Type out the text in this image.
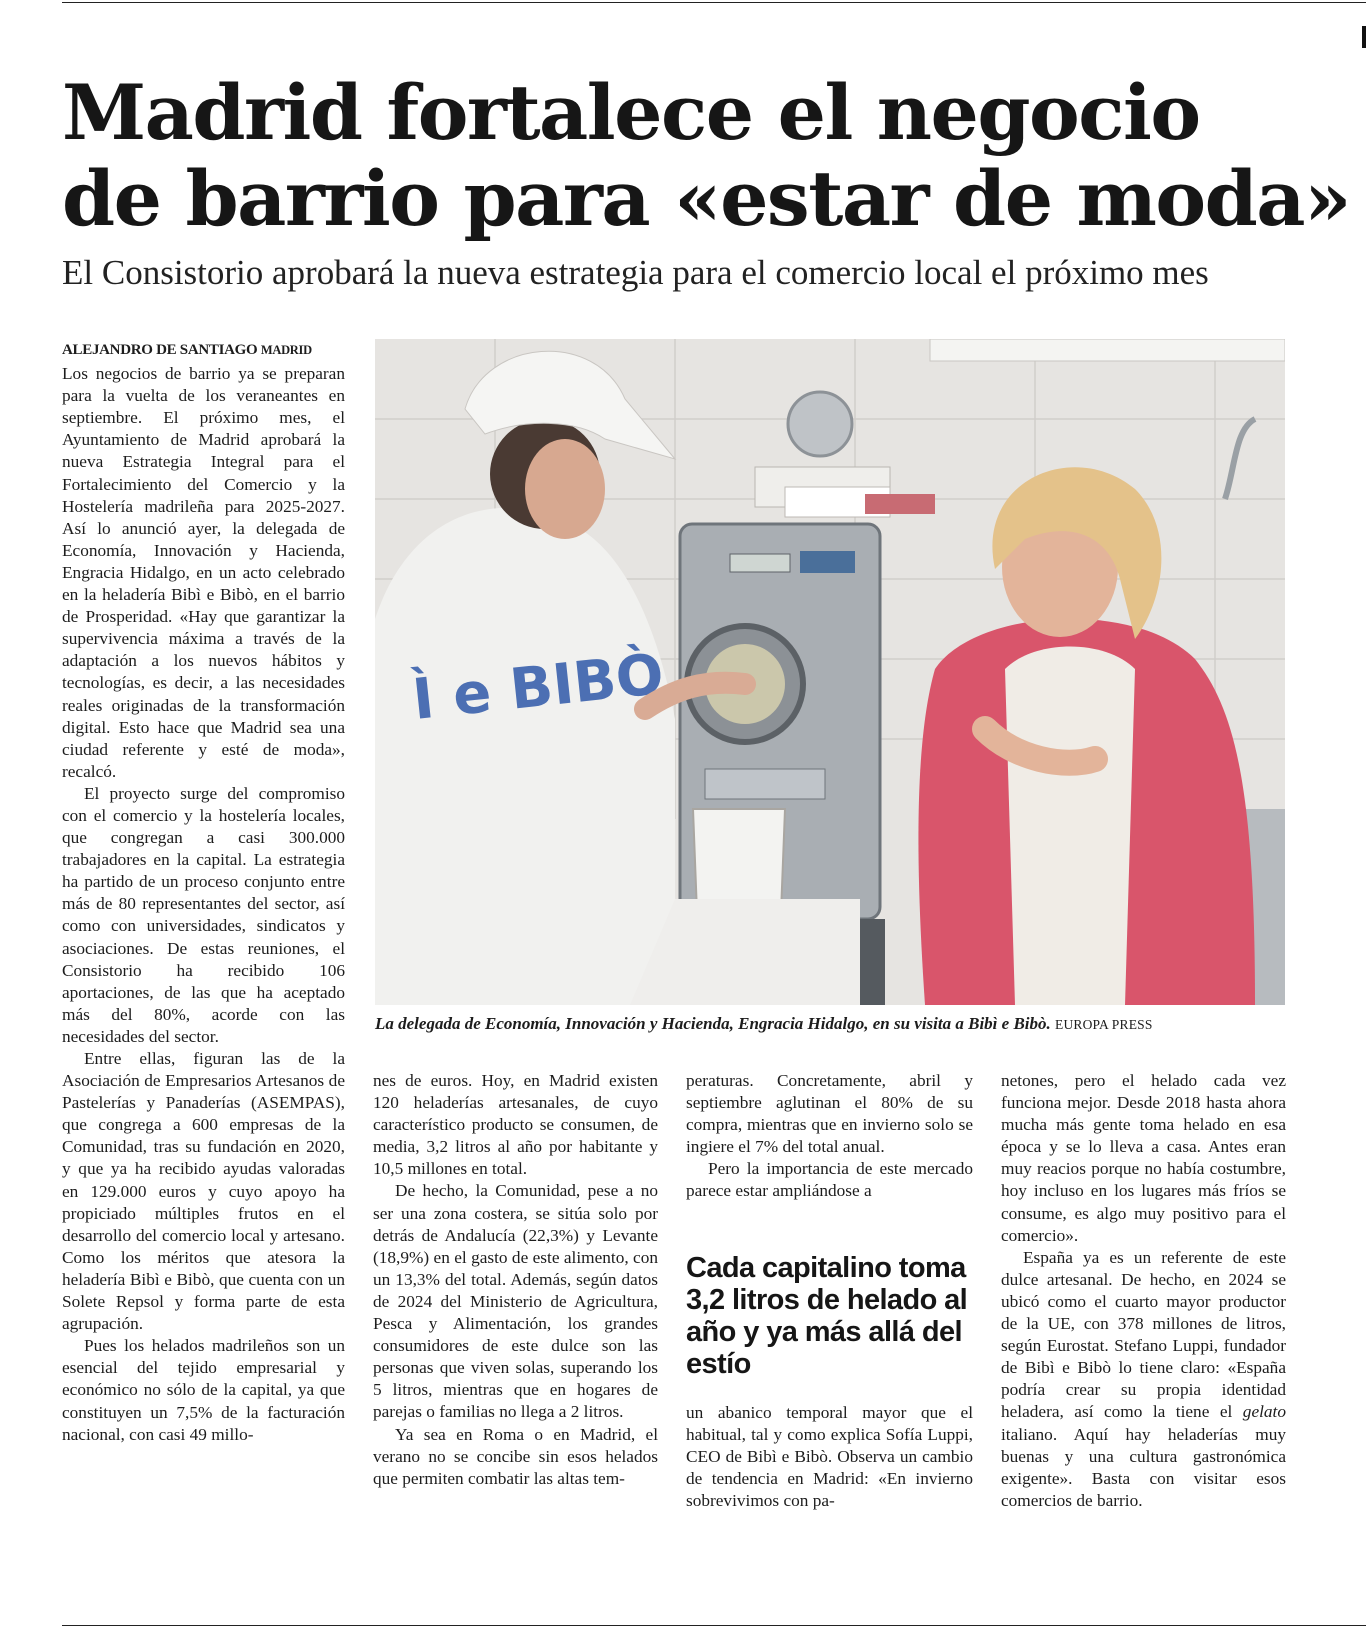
Madrid fortalece el negocio
de barrio para «estar de moda»
El Consistorio aprobará la nueva estrategia para el comercio local el próximo mes
ALEJANDRO DE SANTIAGO MADRID

Los negocios de barrio ya se preparan para la vuelta de los veraneantes en septiembre. El próximo mes, el Ayuntamiento de Madrid aprobará la nueva Estrategia Integral para el Fortalecimiento del Comercio y la Hostelería madrileña para 2025-2027. Así lo anunció ayer, la delegada de Economía, Innovación y Hacienda, Engracia Hidalgo, en un acto celebrado en la heladería Bibì e Bibò, en el barrio de Prosperidad. «Hay que garantizar la supervivencia máxima a través de la adaptación a los nuevos hábitos y tecnologías, es decir, a las necesidades reales originadas de la transformación digital. Esto hace que Madrid sea una ciudad referente y esté de moda», recalcó.

El proyecto surge del compromiso con el comercio y la hostelería locales, que congregan a casi 300.000 trabajadores en la capital. La estrategia ha partido de un proceso conjunto entre más de 80 representantes del sector, así como con universidades, sindicatos y asociaciones. De estas reuniones, el Consistorio ha recibido 106 aportaciones, de las que ha aceptado más del 80%, acorde con las necesidades del sector.

Entre ellas, figuran las de la Asociación de Empresarios Artesanos de Pastelerías y Panaderías (ASEMPAS), que congrega a 600 empresas de la Comunidad, tras su fundación en 2020, y que ya ha recibido ayudas valoradas en 129.000 euros y cuyo apoyo ha propiciado múltiples frutos en el desarrollo del comercio local y artesano. Como los méritos que atesora la heladería Bibì e Bibò, que cuenta con un Solete Repsol y forma parte de esta agrupación.

Pues los helados madrileños son un esencial del tejido empresarial y económico no sólo de la capital, ya que constituyen un 7,5% de la facturación nacional, con casi 49 millo-

Ì e BIBÒ

La delegada de Economía, Innovación y Hacienda, Engracia Hidalgo, en su visita a Bibì e Bibò. EUROPA PRESS

nes de euros. Hoy, en Madrid existen 120 heladerías artesanales, de cuyo característico producto se consumen, de media, 3,2 litros al año por habitante y 10,5 millones en total.

De hecho, la Comunidad, pese a no ser una zona costera, se sitúa solo por detrás de Andalucía (22,3%) y Levante (18,9%) en el gasto de este alimento, con un 13,3% del total. Además, según datos de 2024 del Ministerio de Agricultura, Pesca y Alimentación, los grandes consumidores de este dulce son las personas que viven solas, superando los 5 litros, mientras que en hogares de parejas o familias no llega a 2 litros.

Ya sea en Roma o en Madrid, el verano no se concibe sin esos helados que permiten combatir las altas tem-

peraturas. Concretamente, abril y septiembre aglutinan el 80% de su compra, mientras que en invierno solo se ingiere el 7% del total anual.

Pero la importancia de este mercado parece estar ampliándose a

Cada capitalino toma 3,2 litros de helado al año y ya más allá del estío

un abanico temporal mayor que el habitual, tal y como explica Sofía Luppi, CEO de Bibì e Bibò. Observa un cambio de tendencia en Madrid: «En invierno sobrevivimos con pa-

netones, pero el helado cada vez funciona mejor. Desde 2018 hasta ahora mucha más gente toma helado en esa época y se lo lleva a casa. Antes eran muy reacios porque no había costumbre, hoy incluso en los lugares más fríos se consume, es algo muy positivo para el comercio».

España ya es un referente de este dulce artesanal. De hecho, en 2024 se ubicó como el cuarto mayor productor de la UE, con 378 millones de litros, según Eurostat. Stefano Luppi, fundador de Bibì e Bibò lo tiene claro: «España podría crear su propia identidad heladera, así como la tiene el gelato italiano. Aquí hay heladerías muy buenas y una cultura gastronómica exigente». Basta con visitar esos comercios de barrio.
